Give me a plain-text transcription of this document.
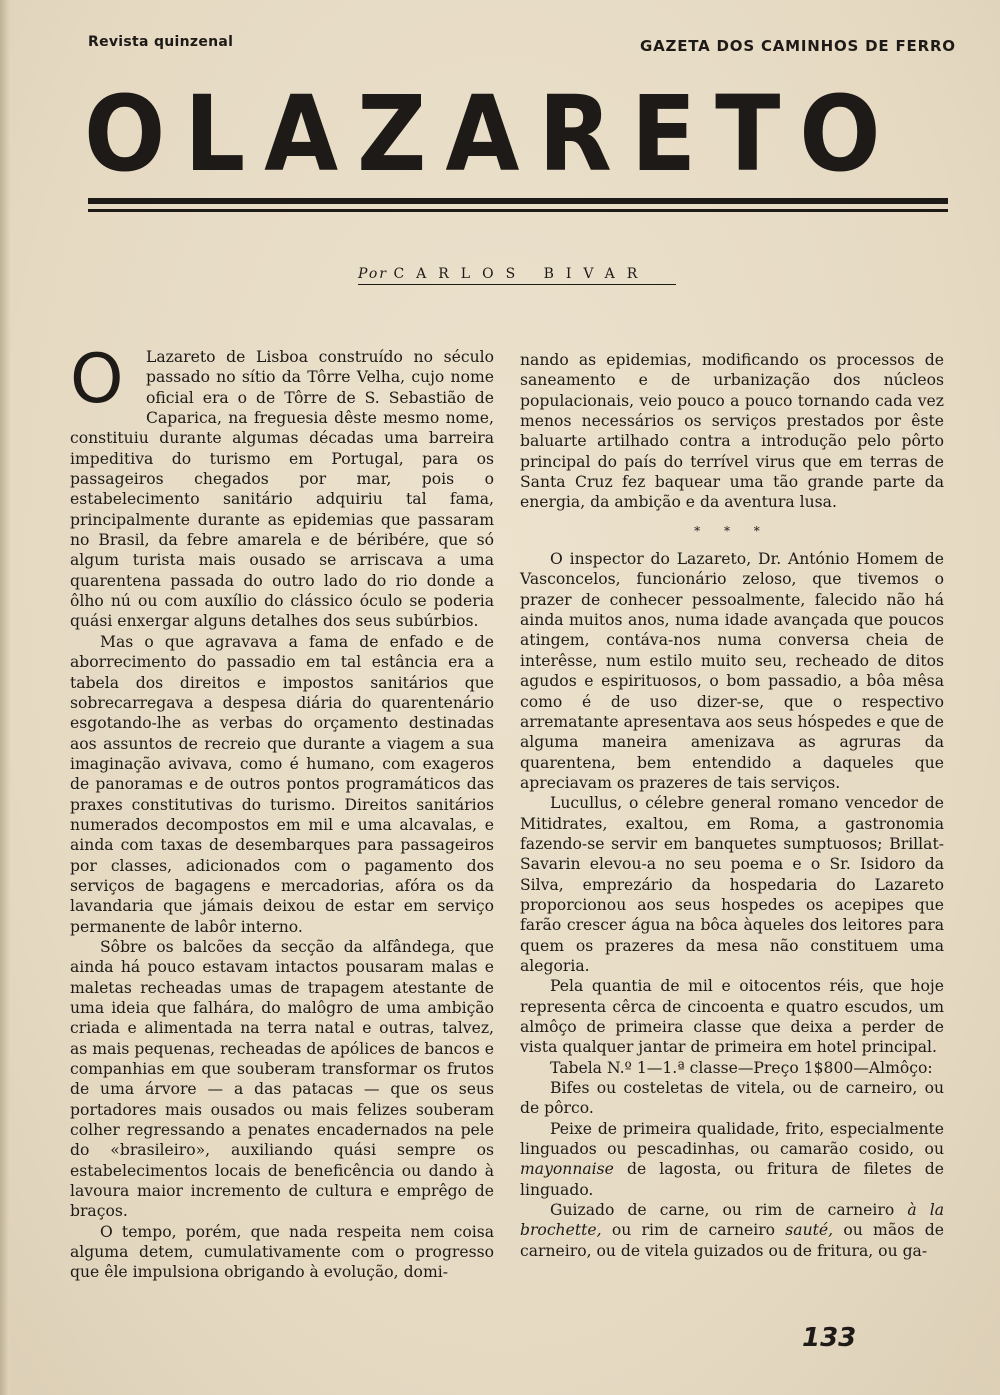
Revista quinzenal	GAZETA DOS CAMINHOS DE FERRO
O L A Z A R E T O
Por CARLOS BIVAR

O	Lazareto de Lisboa construído no século passado no sítio da Tôrre Velha, cujo nome oficial era o de Tôrre de S. Sebastião de Caparica, na freguesia dêste mesmo nome, constituiu durante algumas décadas uma barreira impeditiva do turismo em Portugal, para os passageiros chegados por mar, pois o estabelecimento sanitário adquiriu tal fama, principalmente durante as epidemias que passaram no Brasil, da febre amarela e de béribére, que só algum turista mais ousado se arriscava a uma quarentena passada do outro lado do rio donde a ôlho nú ou com auxílio do clássico óculo se poderia quási enxergar alguns detalhes dos seus subúrbios.

Mas o que agravava a fama de enfado e de aborrecimento do passadio em tal estância era a tabela dos direitos e impostos sanitários que sobrecarregava a despesa diária do quarentenário esgotando-lhe as verbas do orçamento destinadas aos assuntos de recreio que durante a viagem a sua imaginação avivava, como é humano, com exageros de panoramas e de outros pontos programáticos das praxes constitutivas do turismo. Direitos sanitários numerados decompostos em mil e uma alcavalas, e ainda com taxas de desembarques para passageiros por classes, adicionados com o pagamento dos serviços de bagagens e mercadorias, afóra os da lavandaria que jámais deixou de estar em serviço permanente de labôr interno.

Sôbre os balcões da secção da alfândega, que ainda há pouco estavam intactos pousaram malas e maletas recheadas umas de trapagem atestante de uma ideia que falhára, do malôgro de uma ambição criada e alimentada na terra natal e outras, talvez, as mais pequenas, recheadas de apólices de bancos e companhias em que souberam transformar os frutos de uma árvore — a das patacas — que os seus portadores mais ousados ou mais felizes souberam colher regressando a penates encadernados na pele do «brasileiro», auxiliando quási sempre os estabelecimentos locais de beneficência ou dando à lavoura maior incremento de cultura e emprêgo de braços.

O tempo, porém, que nada respeita nem coisa alguma detem, cumulativamente com o progresso que êle impulsiona obrigando à evolução, domi-

nando as epidemias, modificando os processos de saneamento e de urbanização dos núcleos populacionais, veio pouco a pouco tornando cada vez menos necessários os serviços prestados por êste baluarte artilhado contra a introdução pelo pôrto principal do país do terrível virus que em terras de Santa Cruz fez baquear uma tão grande parte da energia, da ambição e da aventura lusa.

* * *

O inspector do Lazareto, Dr. António Homem de Vasconcelos, funcionário zeloso, que tivemos o prazer de conhecer pessoalmente, falecido não há ainda muitos anos, numa idade avançada que poucos atingem, contáva-nos numa conversa cheia de interêsse, num estilo muito seu, recheado de ditos agudos e espirituosos, o bom passadio, a bôa mêsa como é de uso dizer-se, que o respectivo arrematante apresentava aos seus hóspedes e que de alguma maneira amenizava as agruras da quarentena, bem entendido a daqueles que apreciavam os prazeres de tais serviços.

Lucullus, o célebre general romano vencedor de Mitidrates, exaltou, em Roma, a gastronomia fazendo-se servir em banquetes sumptuosos; Brillat-Savarin elevou-a no seu poema e o Sr. Isidoro da Silva, emprezário da hospedaria do Lazareto proporcionou aos seus hospedes os acepipes que farão crescer água na bôca àqueles dos leitores para quem os prazeres da mesa não constituem uma alegoria.

Pela quantia de mil e oitocentos réis, que hoje representa cêrca de cincoenta e quatro escudos, um almôço de primeira classe que deixa a perder de vista qualquer jantar de primeira em hotel principal.

Tabela N.º 1—1.ª classe—Preço 1$800—Almôço:

Bifes ou costeletas de vitela, ou de carneiro, ou de pôrco.

Peixe de primeira qualidade, frito, especialmente linguados ou pescadinhas, ou camarão cosido, ou mayonnaise de lagosta, ou fritura de filetes de linguado.

Guizado de carne, ou rim de carneiro à la brochette, ou rim de carneiro sauté, ou mãos de carneiro, ou de vitela guizados ou de fritura, ou ga-

133
